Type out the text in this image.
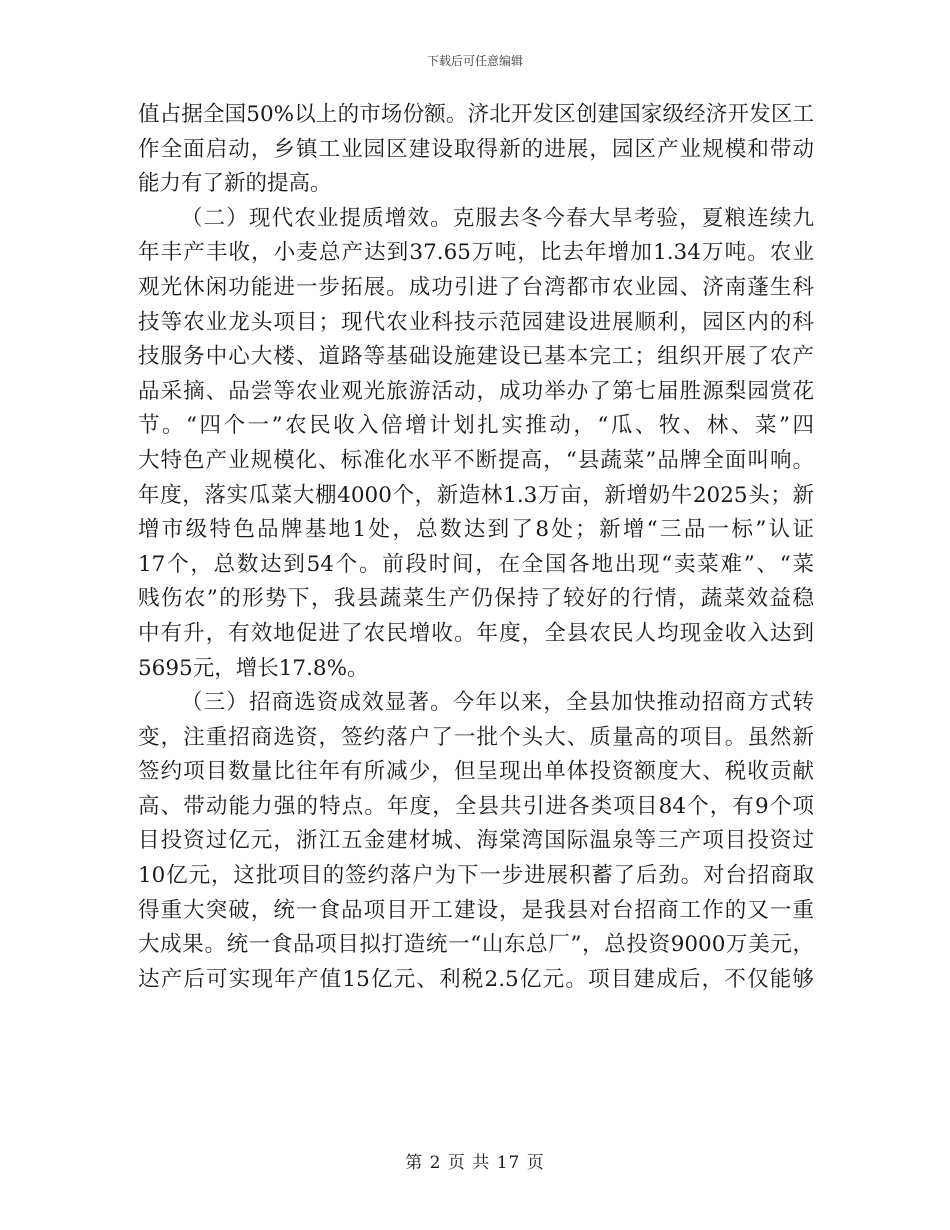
下载后可任意编辑
值占据全国50%以上的市场份额。济北开发区创建国家级经济开发区工
作全面启动，乡镇工业园区建设取得新的进展，园区产业规模和带动
能力有了新的提高。
（二）现代农业提质增效。克服去冬今春大旱考验，夏粮连续九
年丰产丰收，小麦总产达到37.65万吨，比去年增加1.34万吨。农业
观光休闲功能进一步拓展。成功引进了台湾都市农业园、济南蓬生科
技等农业龙头项目；现代农业科技示范园建设进展顺利，园区内的科
技服务中心大楼、道路等基础设施建设已基本完工；组织开展了农产
品采摘、品尝等农业观光旅游活动，成功举办了第七届胜源梨园赏花
节。“四个一”农民收入倍增计划扎实推动，“瓜、牧、林、菜”四
大特色产业规模化、标准化水平不断提高，“县蔬菜”品牌全面叫响。
年度，落实瓜菜大棚4000个，新造林1.3万亩，新增奶牛2025头；新
增市级特色品牌基地1处，总数达到了8处；新增“三品一标”认证
17个，总数达到54个。前段时间，在全国各地出现“卖菜难”、“菜
贱伤农”的形势下，我县蔬菜生产仍保持了较好的行情，蔬菜效益稳
中有升，有效地促进了农民增收。年度，全县农民人均现金收入达到
5695元，增长17.8%。
（三）招商选资成效显著。今年以来，全县加快推动招商方式转
变，注重招商选资，签约落户了一批个头大、质量高的项目。虽然新
签约项目数量比往年有所减少，但呈现出单体投资额度大、税收贡献
高、带动能力强的特点。年度，全县共引进各类项目84个，有9个项
目投资过亿元，浙江五金建材城、海棠湾国际温泉等三产项目投资过
10亿元，这批项目的签约落户为下一步进展积蓄了后劲。对台招商取
得重大突破，统一食品项目开工建设，是我县对台招商工作的又一重
大成果。统一食品项目拟打造统一“山东总厂”，总投资9000万美元，
达产后可实现年产值15亿元、利税2.5亿元。项目建成后，不仅能够
第 2 页 共 17 页
